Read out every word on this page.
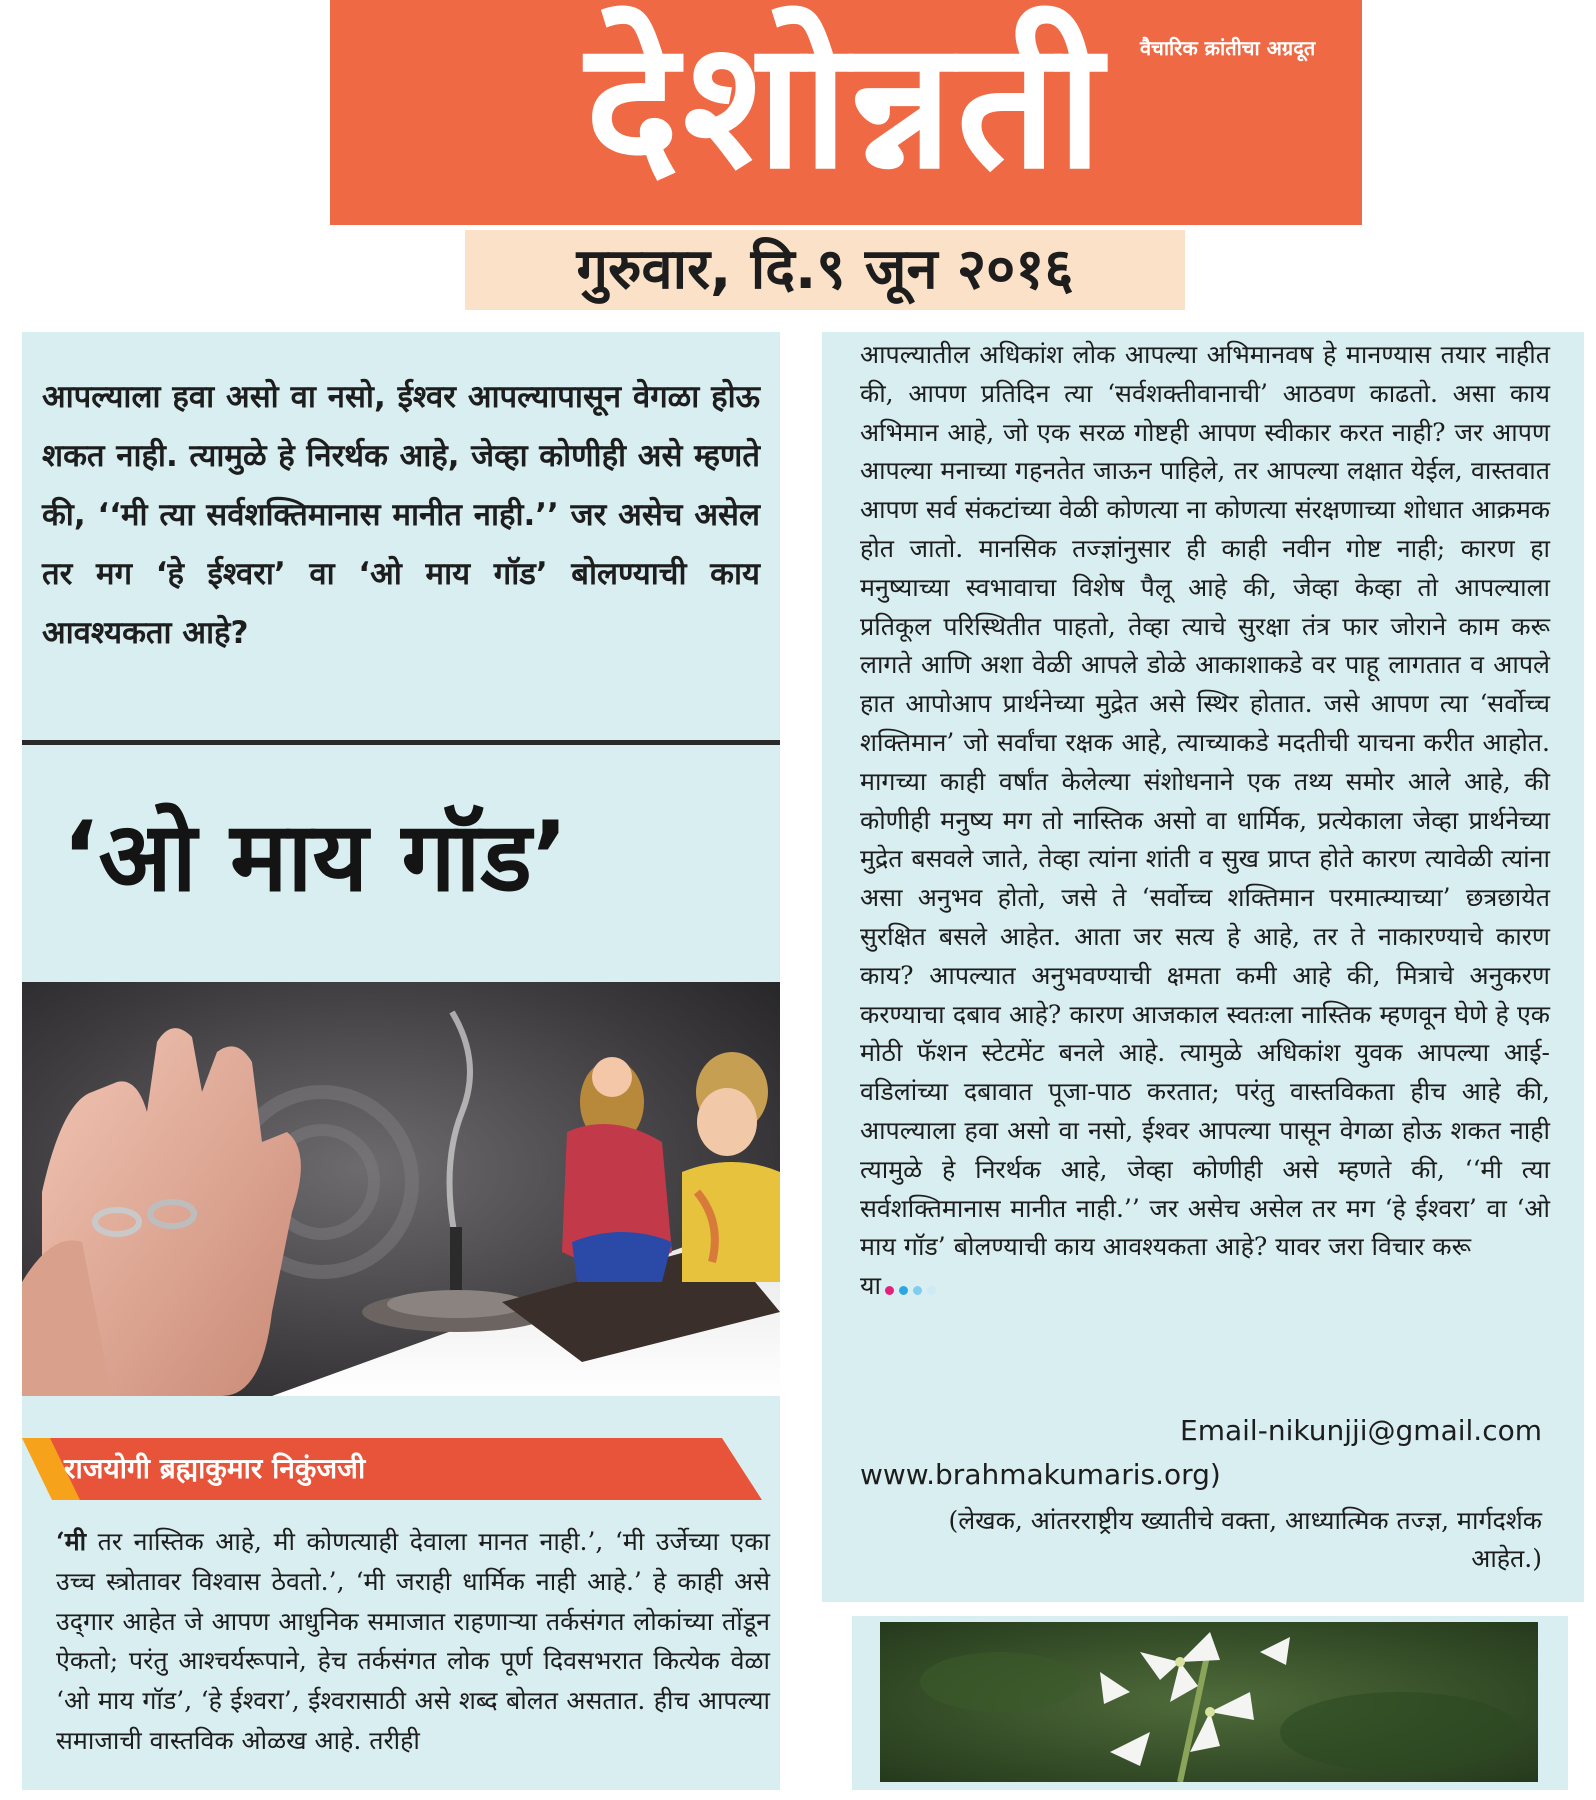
देशोन्नती	वैचारिक क्रांतीचा अग्रदूत
गुरुवार, दि.९ जून २०१६
आपल्याला हवा असो वा नसो, ईश्वर आपल्यापासून वेगळा होऊ शकत नाही. त्यामुळे हे निरर्थक आहे, जेव्हा कोणीही असे म्हणते की, ‘‘मी त्या सर्वशक्तिमानास मानीत नाही.’’ जर असेच असेल तर मग ‘हे ईश्वरा’ वा ‘ओ माय गॉड’ बोलण्याची काय आवश्यकता आहे?
‘ओ माय गॉड’
राजयोगी ब्रह्माकुमार निकुंजजी
‘मी तर नास्तिक आहे, मी कोणत्याही देवाला मानत नाही.’, ‘मी उर्जेच्या एका उच्च स्त्रोतावर विश्वास ठेवतो.’, ‘मी जराही धार्मिक नाही आहे.’ हे काही असे उद्‌गार आहेत जे आपण आधुनिक समाजात राहणाऱ्या तर्कसंगत लोकांच्या तोंडून ऐकतो; परंतु आश्चर्यरूपाने, हेच तर्कसंगत लोक पूर्ण दिवसभरात कित्येक वेळा ‘ओ माय गॉड’, ‘हे ईश्वरा’, ईश्वरासाठी असे शब्द बोलत असतात. हीच आपल्या समाजाची वास्तविक ओळख आहे. तरीही
आपल्यातील अधिकांश लोक आपल्या अभिमानवष हे मानण्यास तयार नाहीत की, आपण प्रतिदिन त्या ‘सर्वशक्तीवानाची’ आठवण काढतो. असा काय अभिमान आहे, जो एक सरळ गोष्टही आपण स्वीकार करत नाही? जर आपण आपल्या मनाच्या गहनतेत जाऊन पाहिले, तर आपल्या लक्षात येईल, वास्तवात आपण सर्व संकटांच्या वेळी कोणत्या ना कोणत्या संरक्षणाच्या शोधात आक्रमक होत जातो. मानसिक तज्ज्ञांनुसार ही काही नवीन गोष्ट नाही; कारण हा मनुष्याच्या स्वभावाचा विशेष पैलू आहे की, जेव्हा केव्हा तो आपल्याला प्रतिकूल परिस्थितीत पाहतो, तेव्हा त्याचे सुरक्षा तंत्र फार जोराने काम करू लागते आणि अशा वेळी आपले डोळे आकाशाकडे वर पाहू लागतात व आपले हात आपोआप प्रार्थनेच्या मुद्रेत असे स्थिर होतात. जसे आपण त्या ‘सर्वोच्च शक्तिमान’ जो सर्वांचा रक्षक आहे, त्याच्याकडे मदतीची याचना करीत आहोत. मागच्या काही वर्षांत केलेल्या संशोधनाने एक तथ्य समोर आले आहे, की कोणीही मनुष्य मग तो नास्तिक असो वा धार्मिक, प्रत्येकाला जेव्हा प्रार्थनेच्या मुद्रेत बसवले जाते, तेव्हा त्यांना शांती व सुख प्राप्त होते कारण त्यावेळी त्यांना असा अनुभव होतो, जसे ते ‘सर्वोच्च शक्तिमान परमात्म्याच्या’ छत्रछायेत सुरक्षित बसले आहेत. आता जर सत्य हे आहे, तर ते नाकारण्याचे कारण काय? आपल्यात अनुभवण्याची क्षमता कमी आहे की, मित्राचे अनुकरण करण्याचा दबाव आहे? कारण आजकाल स्वतःला नास्तिक म्हणवून घेणे हे एक मोठी फॅशन स्टेटमेंट बनले आहे. त्यामुळे अधिकांश युवक आपल्या आई-वडिलांच्या दबावात पूजा-पाठ करतात; परंतु वास्तविकता हीच आहे की, आपल्याला हवा असो वा नसो, ईश्वर आपल्या पासून वेगळा होऊ शकत नाही त्यामुळे हे निरर्थक आहे, जेव्हा कोणीही असे म्हणते की, ‘‘मी त्या सर्वशक्तिमानास मानीत नाही.’’ जर असेच असेल तर मग ‘हे ईश्वरा’ वा ‘ओ माय गॉड’ बोलण्याची काय आवश्यकता आहे? यावर जरा विचार करू
या
Email-nikunjji@gmail.com
www.brahmakumaris.org)
(लेखक, आंतरराष्ट्रीय ख्यातीचे वक्ता, आध्यात्मिक तज्ज्ञ, मार्गदर्शक आहेत.)
